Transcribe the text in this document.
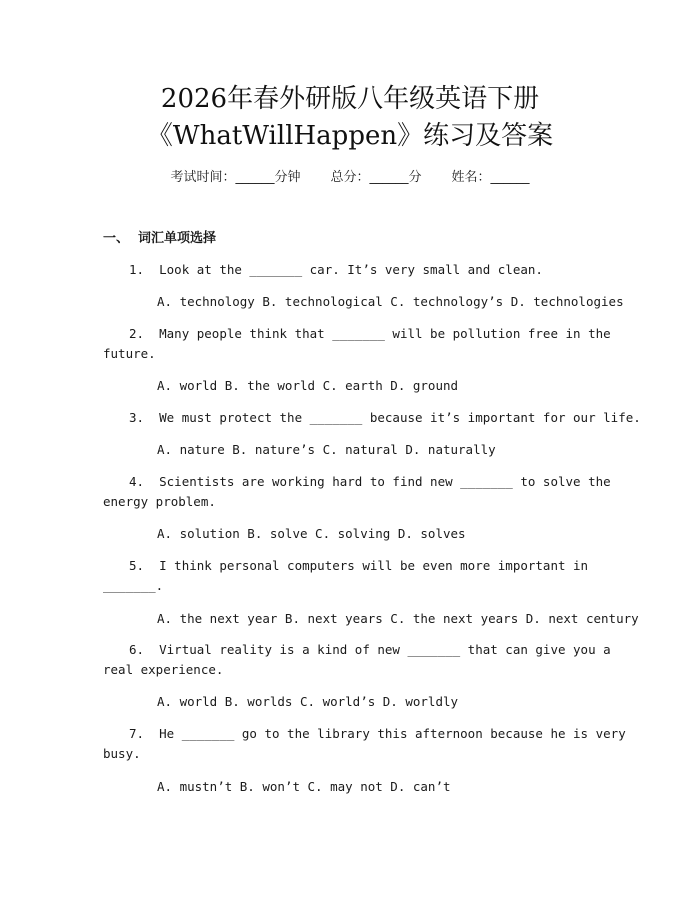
2026年春外研版八年级英语下册
《WhatWillHappen》练习及答案
考试时间：______分钟 总分：______分 姓名：______
一、 词汇单项选择
1. Look at the _______ car. It’s very small and clean.
A. technology B. technological C. technology’s D. technologies
2. Many people think that _______ will be pollution free in the
future.
A. world B. the world C. earth D. ground
3. We must protect the _______ because it’s important for our life.
A. nature B. nature’s C. natural D. naturally
4. Scientists are working hard to find new _______ to solve the
energy problem.
A. solution B. solve C. solving D. solves
5. I think personal computers will be even more important in
_______.
A. the next year B. next years C. the next years D. next century
6. Virtual reality is a kind of new _______ that can give you a
real experience.
A. world B. worlds C. world’s D. worldly
7. He _______ go to the library this afternoon because he is very
busy.
A. mustn’t B. won’t C. may not D. can’t
